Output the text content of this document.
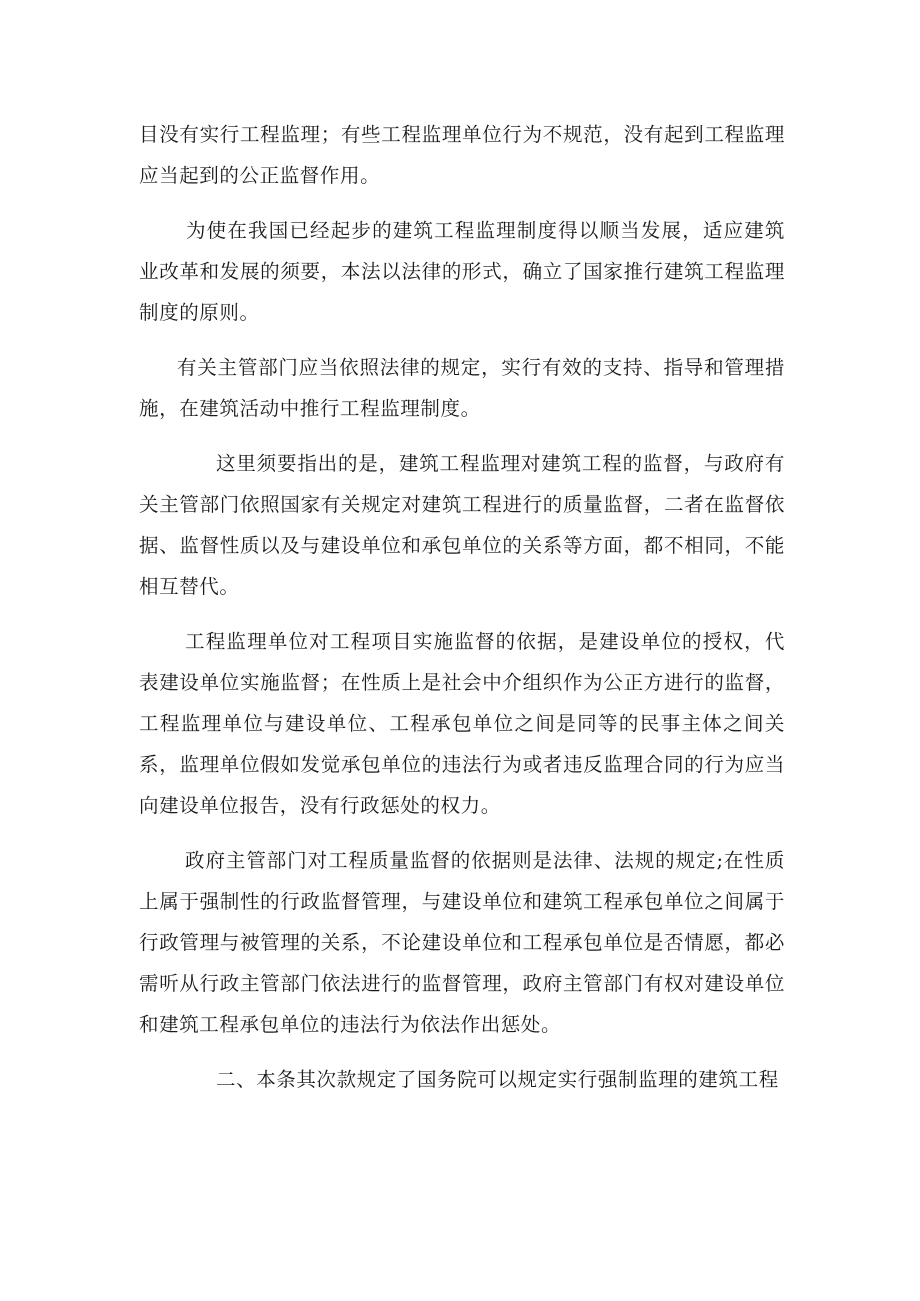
目没有实行工程监理；有些工程监理单位行为不规范，没有起到工程监理应当起到的公正监督作用。

为使在我国已经起步的建筑工程监理制度得以顺当发展，适应建筑业改革和发展的须要，本法以法律的形式，确立了国家推行建筑工程监理制度的原则。

有关主管部门应当依照法律的规定，实行有效的支持、指导和管理措施，在建筑活动中推行工程监理制度。

这里须要指出的是，建筑工程监理对建筑工程的监督，与政府有关主管部门依照国家有关规定对建筑工程进行的质量监督，二者在监督依据、监督性质以及与建设单位和承包单位的关系等方面，都不相同，不能相互替代。

工程监理单位对工程项目实施监督的依据，是建设单位的授权，代表建设单位实施监督；在性质上是社会中介组织作为公正方进行的监督，工程监理单位与建设单位、工程承包单位之间是同等的民事主体之间关系，监理单位假如发觉承包单位的违法行为或者违反监理合同的行为应当向建设单位报告，没有行政惩处的权力。

政府主管部门对工程质量监督的依据则是法律、法规的规定;在性质上属于强制性的行政监督管理，与建设单位和建筑工程承包单位之间属于行政管理与被管理的关系，不论建设单位和工程承包单位是否情愿，都必需听从行政主管部门依法进行的监督管理，政府主管部门有权对建设单位和建筑工程承包单位的违法行为依法作出惩处。

二、本条其次款规定了国务院可以规定实行强制监理的建筑工程
